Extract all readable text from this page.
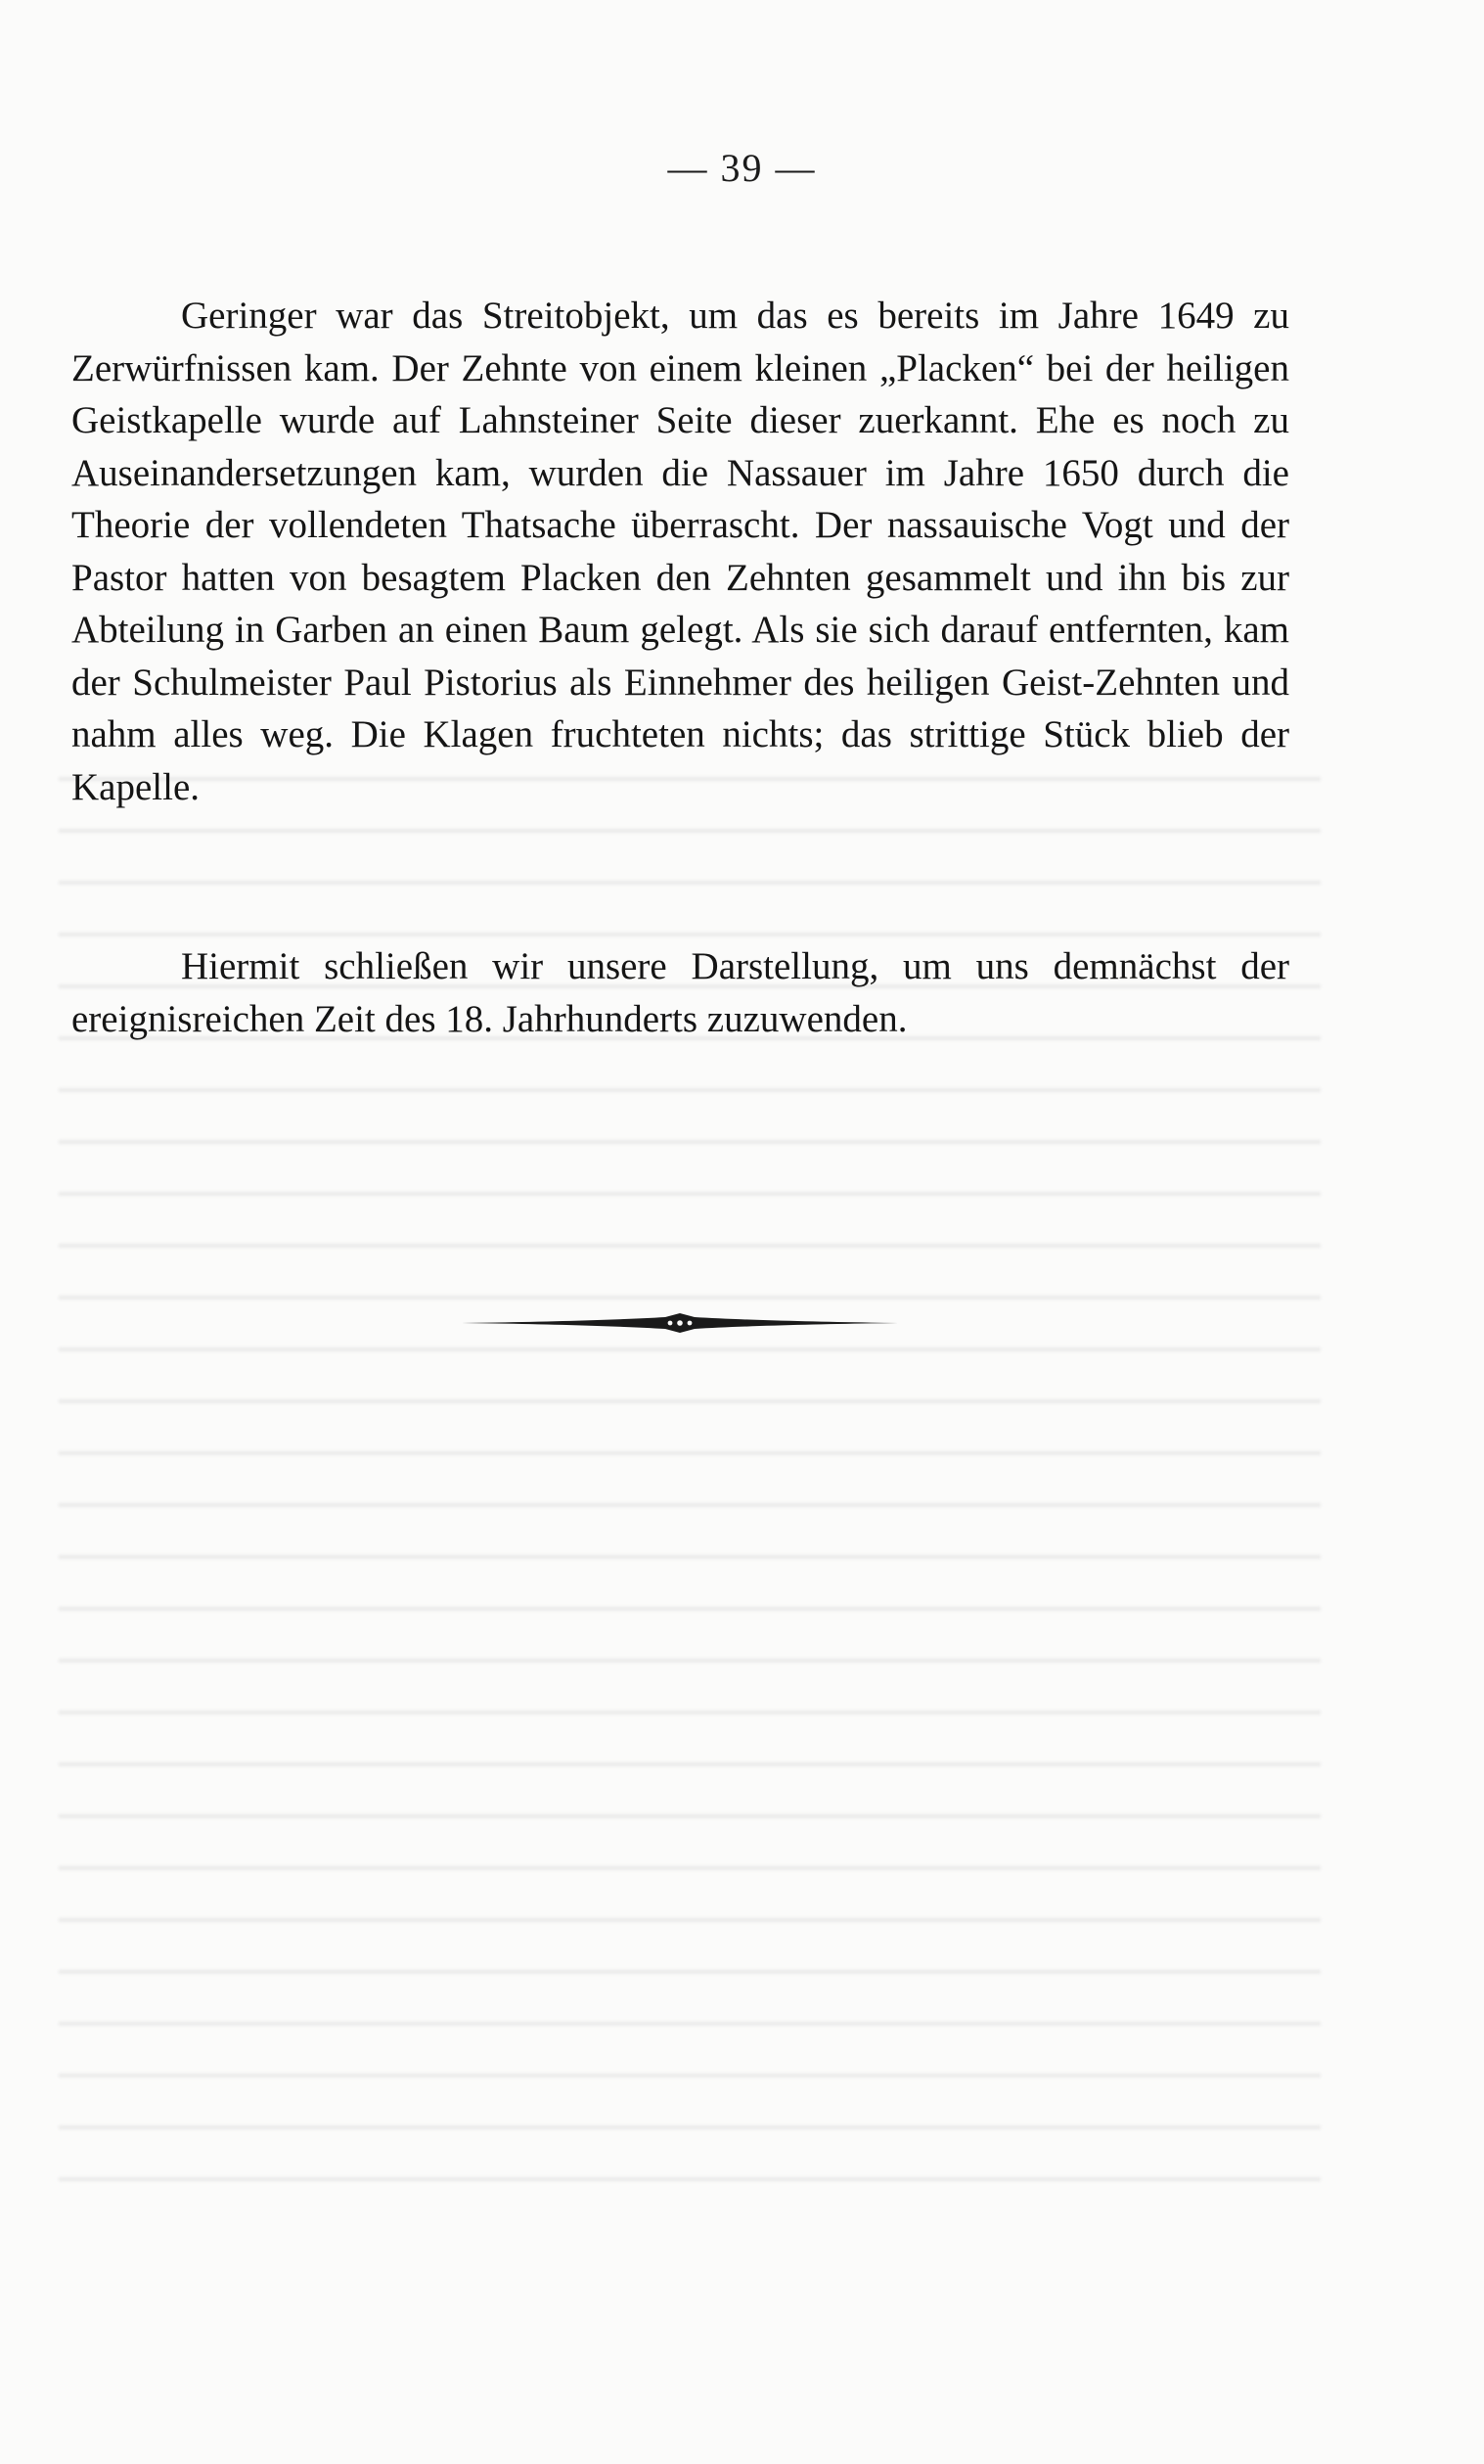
— 39 —

Geringer war das Streitobjekt, um das es bereits im Jahre 1649 zu Zerwürfnissen kam. Der Zehnte von einem kleinen „Placken“ bei der heiligen Geistkapelle wurde auf Lahnsteiner Seite dieser zuerkannt. Ehe es noch zu Auseinandersetzungen kam, wurden die Nassauer im Jahre 1650 durch die Theorie der vollendeten Thatsache überrascht. Der nassauische Vogt und der Pastor hatten von besagtem Placken den Zehnten gesammelt und ihn bis zur Abteilung in Garben an einen Baum gelegt. Als sie sich darauf entfernten, kam der Schulmeister Paul Pistorius als Einnehmer des heiligen Geist-Zehnten und nahm alles weg. Die Klagen fruchteten nichts; das strittige Stück blieb der Kapelle.

Hiermit schließen wir unsere Darstellung, um uns demnächst der ereignisreichen Zeit des 18. Jahrhunderts zuzuwenden.
